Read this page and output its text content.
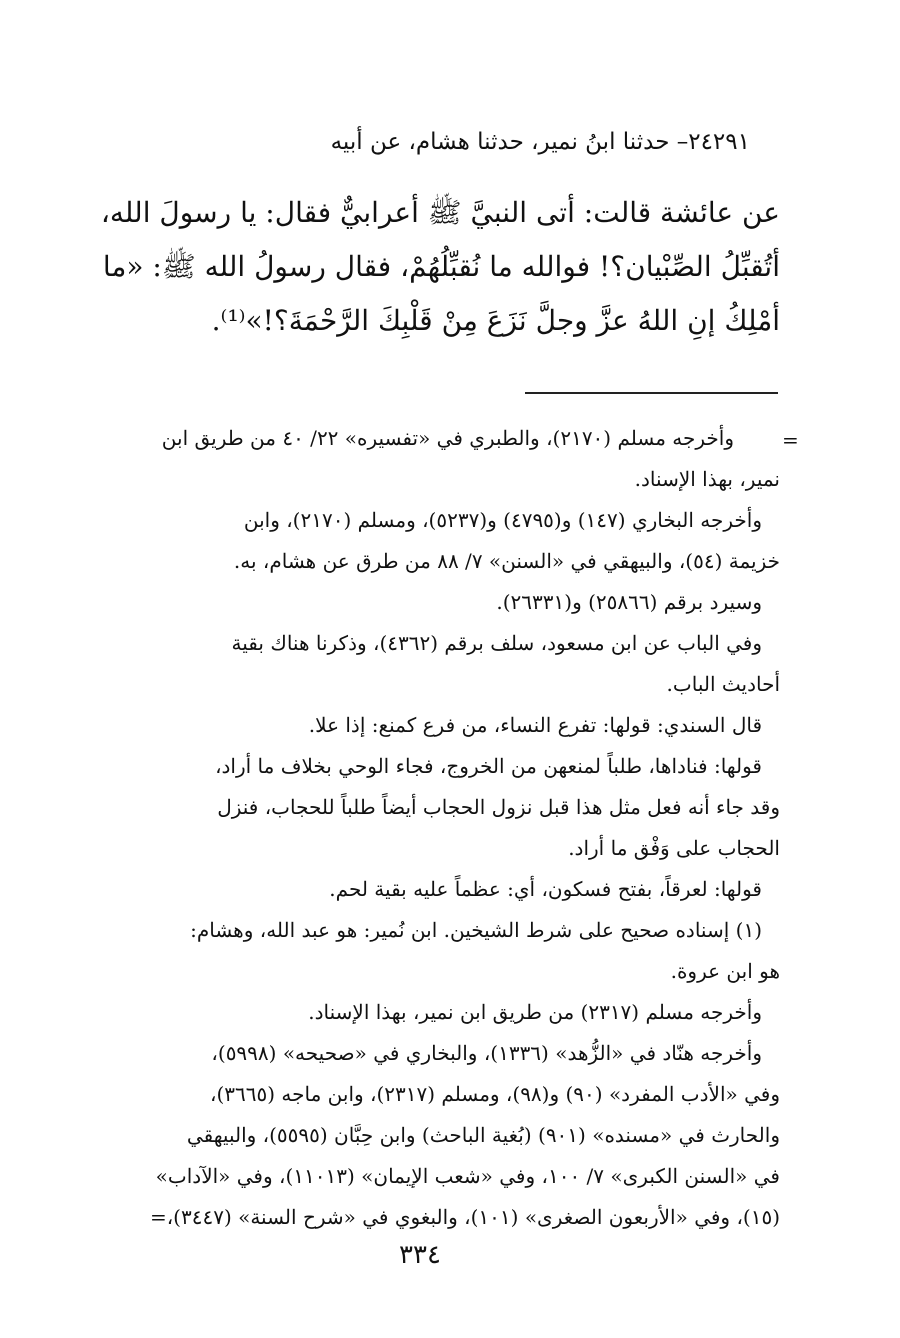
٢٤٢٩١– حدثنا ابنُ نمير، حدثنا هشام، عن أبيه
عن عائشة قالت: أتى النبيَّ ﷺ أعرابيٌّ فقال: يا رسولَ الله،
أتُقبِّلُ الصِّبْيان؟! فوالله ما نُقبِّلُهُمْ، فقال رسولُ الله ﷺ: «ما
أمْلِكُ إنِ اللهُ عزَّ وجلَّ نَزَعَ مِنْ قَلْبِكَ الرَّحْمَةَ؟!»⁽¹⁾.
=
وأخرجه مسلم (٢١٧٠)، والطبري في «تفسيره» ٢٢/ ٤٠ من طريق ابن
نمير، بهذا الإسناد.
وأخرجه البخاري (١٤٧) و(٤٧٩٥) و(٥٢٣٧)، ومسلم (٢١٧٠)، وابن
خزيمة (٥٤)، والبيهقي في «السنن» ٧/ ٨٨ من طرق عن هشام، به.
وسيرد برقم (٢٥٨٦٦) و(٢٦٣٣١).
وفي الباب عن ابن مسعود، سلف برقم (٤٣٦٢)، وذكرنا هناك بقية
أحاديث الباب.
قال السندي: قولها: تفرع النساء، من فرع كمنع: إذا علا.
قولها: فناداها، طلباً لمنعهن من الخروج، فجاء الوحي بخلاف ما أراد،
وقد جاء أنه فعل مثل هذا قبل نزول الحجاب أيضاً طلباً للحجاب، فنزل
الحجاب على وَفْق ما أراد.
قولها: لعرقاً، بفتح فسكون، أي: عظماً عليه بقية لحم.
(١) إسناده صحيح على شرط الشيخين. ابن نُمير: هو عبد الله، وهشام:
هو ابن عروة.
وأخرجه مسلم (٢٣١٧) من طريق ابن نمير، بهذا الإسناد.
وأخرجه هنّاد في «الزُّهد» (١٣٣٦)، والبخاري في «صحيحه» (٥٩٩٨)،
وفي «الأدب المفرد» (٩٠) و(٩٨)، ومسلم (٢٣١٧)، وابن ماجه (٣٦٦٥)،
والحارث في «مسنده» (٩٠١) (بُغية الباحث) وابن حِبَّان (٥٥٩٥)، والبيهقي
في «السنن الكبرى» ٧/ ١٠٠، وفي «شعب الإيمان» (١١٠١٣)، وفي «الآداب»
(١٥)، وفي «الأربعون الصغرى» (١٠١)، والبغوي في «شرح السنة» (٣٤٤٧)،=
٣٣٤
